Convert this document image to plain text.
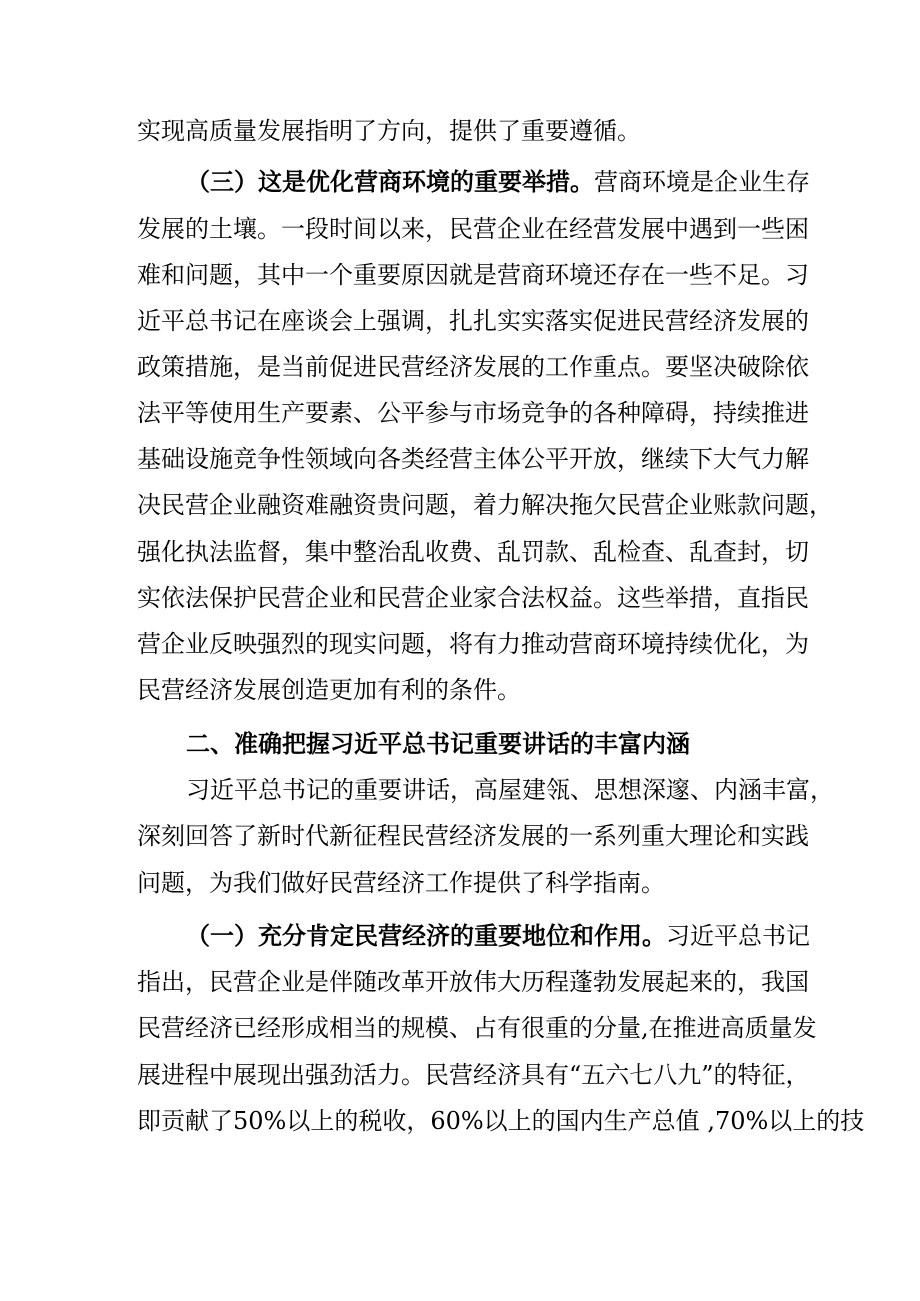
实现高质量发展指明了方向，提供了重要遵循。
（三）这是优化营商环境的重要举措。营商环境是企业生存
发展的土壤。一段时间以来，民营企业在经营发展中遇到一些困
难和问题，其中一个重要原因就是营商环境还存在一些不足。习
近平总书记在座谈会上强调，扎扎实实落实促进民营经济发展的
政策措施，是当前促进民营经济发展的工作重点。要坚决破除依
法平等使用生产要素、公平参与市场竞争的各种障碍，持续推进
基础设施竞争性领域向各类经营主体公平开放，继续下大气力解
决民营企业融资难融资贵问题，着力解决拖欠民营企业账款问题，
强化执法监督，集中整治乱收费、乱罚款、乱检查、乱查封，切
实依法保护民营企业和民营企业家合法权益。这些举措，直指民
营企业反映强烈的现实问题，将有力推动营商环境持续优化，为
民营经济发展创造更加有利的条件。
二、准确把握习近平总书记重要讲话的丰富内涵
习近平总书记的重要讲话，高屋建瓴、思想深邃、内涵丰富，
深刻回答了新时代新征程民营经济发展的一系列重大理论和实践
问题，为我们做好民营经济工作提供了科学指南。
（一）充分肯定民营经济的重要地位和作用。习近平总书记
指出，民营企业是伴随改革开放伟大历程蓬勃发展起来的，我国
民营经济已经形成相当的规模、占有很重的分量,在推进高质量发
展进程中展现出强劲活力。民营经济具有“五六七八九”的特征，
即贡献了50%以上的税收，60%以上的国内生产总值 ,70%以上的技
